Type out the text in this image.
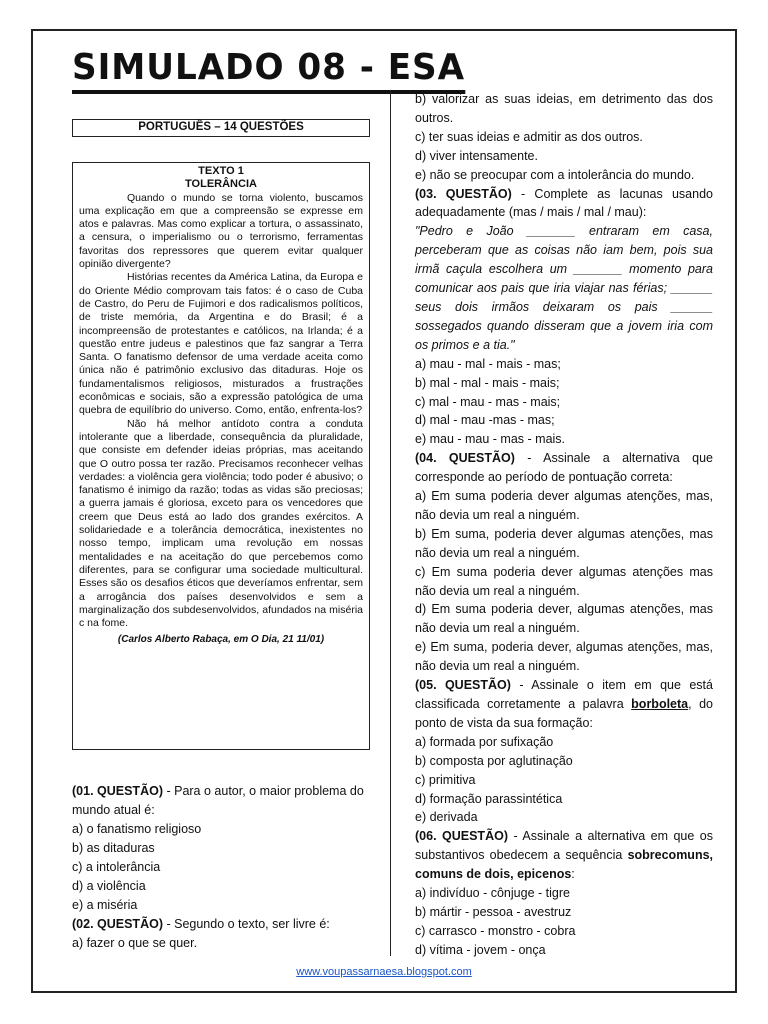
SIMULADO 08 - ESA
PORTUGUÊS – 14 QUESTÕES

TEXTO 1

TOLERÂNCIA

Quando o mundo se torna violento, buscamos uma explicação em que a compreensão se expresse em atos e palavras. Mas como explicar a tortura, o assassinato, a censura, o imperialismo ou o terrorismo, ferramentas favoritas dos repressores que querem evitar qualquer opinião divergente?

Histórias recentes da América Latina, da Europa e do Oriente Médio comprovam tais fatos: é o caso de Cuba de Castro, do Peru de Fujimori e dos radicalismos políticos, de triste memória, da Argentina e do Brasil; é a incompreensão de protestantes e católicos, na Irlanda; é a questão entre judeus e palestinos que faz sangrar a Terra Santa. O fanatismo defensor de uma verdade aceita como única não é patrimônio exclusivo das ditaduras. Hoje os fundamentalismos religiosos, misturados a frustrações econômicas e sociais, são a expressão patológica de uma quebra de equilíbrio do universo. Como, então, enfrenta-los?

Não há melhor antídoto contra a conduta intolerante que a liberdade, consequência da pluralidade, que consiste em defender ideias próprias, mas aceitando que O outro possa ter razão. Precisamos reconhecer velhas verdades: a violência gera violência; todo poder é abusivo; o fanatismo é inimigo da razão; todas as vidas são preciosas; a guerra jamais é gloriosa, exceto para os vencedores que creem que Deus está ao lado dos grandes exércitos. A solidariedade e a tolerância democrática, inexistentes no nosso tempo, implicam uma revolução em nossas mentalidades e na aceitação do que percebemos como diferentes, para se configurar uma sociedade multicultural. Esses são os desafios éticos que deveríamos enfrentar, sem a arrogância dos países desenvolvidos e sem a marginalização dos subdesenvolvidos, afundados na miséria c na fome.

(Carlos Alberto Rabaça, em O Dia, 21 11/01)

(01. QUESTÃO) - Para o autor, o maior problema do mundo atual é:

a) o fanatismo religioso

b) as ditaduras

c) a intolerância

d) a violência

e) a miséria

(02. QUESTÃO) - Segundo o texto, ser livre é:

a) fazer o que se quer.

b) valorizar as suas ideias, em detrimento das dos outros.

c) ter suas ideias e admitir as dos outros.

d) viver intensamente.

e) não se preocupar com a intolerância do mundo.

(03. QUESTÃO) - Complete as lacunas usando adequadamente (mas / mais / mal / mau):

"Pedro e João _______ entraram em casa, perceberam que as coisas não iam bem, pois sua irmã caçula escolhera um _______ momento para comunicar aos pais que iria viajar nas férias; ______ seus dois irmãos deixaram os pais ______ sossegados quando disseram que a jovem iria com os primos e a tia."

a) mau - mal - mais - mas;

b) mal - mal - mais - mais;

c) mal - mau - mas - mais;

d) mal - mau -mas - mas;

e) mau - mau - mas - mais.

(04. QUESTÃO) - Assinale a alternativa que corresponde ao período de pontuação correta:

a) Em suma poderia dever algumas atenções, mas, não devia um real a ninguém.

b) Em suma, poderia dever algumas atenções, mas não devia um real a ninguém.

c) Em suma poderia dever algumas atenções mas não devia um real a ninguém.

d) Em suma poderia dever, algumas atenções, mas não devia um real a ninguém.

e) Em suma, poderia dever, algumas atenções, mas, não devia um real a ninguém.

(05. QUESTÃO) - Assinale o item em que está classificada corretamente a palavra borboleta, do ponto de vista da sua formação:

a) formada por sufixação

b) composta por aglutinação

c) primitiva

d) formação parassintética

e) derivada

(06. QUESTÃO) - Assinale a alternativa em que os substantivos obedecem a sequência sobrecomuns, comuns de dois, epicenos:

a) indivíduo - cônjuge - tigre

b) mártir - pessoa - avestruz

c) carrasco - monstro - cobra

d) vítima - jovem - onça

www.voupassarnaesa.blogspot.com
